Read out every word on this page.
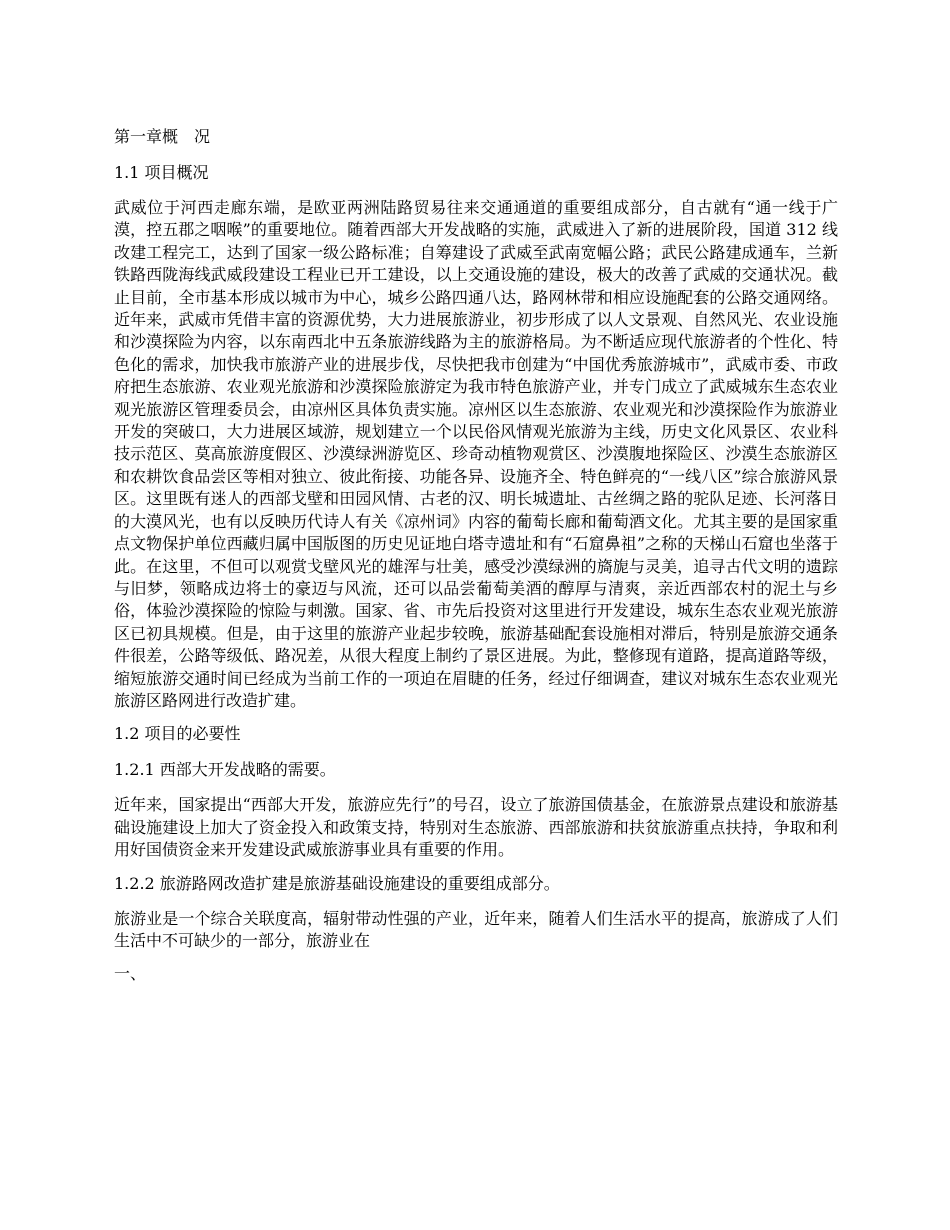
第一章概　况
1.1 项目概况
武威位于河西走廊东端，是欧亚两洲陆路贸易往来交通通道的重要组成部分，自古就有“通一线于广漠，控五郡之咽喉”的重要地位。随着西部大开发战略的实施，武威进入了新的进展阶段，国道 312 线改建工程完工，达到了国家一级公路标准；自筹建设了武威至武南宽幅公路；武民公路建成通车，兰新铁路西陇海线武威段建设工程业已开工建设，以上交通设施的建设，极大的改善了武威的交通状况。截止目前，全市基本形成以城市为中心，城乡公路四通八达，路网林带和相应设施配套的公路交通网络。近年来，武威市凭借丰富的资源优势，大力进展旅游业，初步形成了以人文景观、自然风光、农业设施和沙漠探险为内容，以东南西北中五条旅游线路为主的旅游格局。为不断适应现代旅游者的个性化、特色化的需求，加快我市旅游产业的进展步伐，尽快把我市创建为“中国优秀旅游城市”，武威市委、市政府把生态旅游、农业观光旅游和沙漠探险旅游定为我市特色旅游产业，并专门成立了武威城东生态农业观光旅游区管理委员会，由凉州区具体负责实施。凉州区以生态旅游、农业观光和沙漠探险作为旅游业开发的突破口，大力进展区域游，规划建立一个以民俗风情观光旅游为主线，历史文化风景区、农业科技示范区、莫高旅游度假区、沙漠绿洲游览区、珍奇动植物观赏区、沙漠腹地探险区、沙漠生态旅游区和农耕饮食品尝区等相对独立、彼此衔接、功能各异、设施齐全、特色鲜亮的“一线八区”综合旅游风景区。这里既有迷人的西部戈壁和田园风情、古老的汉、明长城遗址、古丝绸之路的驼队足迹、长河落日的大漠风光，也有以反映历代诗人有关《凉州词》内容的葡萄长廊和葡萄酒文化。尤其主要的是国家重点文物保护单位西藏归属中国版图的历史见证地白塔寺遗址和有“石窟鼻祖”之称的天梯山石窟也坐落于此。在这里，不但可以观赏戈壁风光的雄浑与壮美，感受沙漠绿洲的旖旎与灵美，追寻古代文明的遗踪与旧梦，领略成边将士的豪迈与风流，还可以品尝葡萄美酒的醇厚与清爽，亲近西部农村的泥土与乡俗，体验沙漠探险的惊险与刺激。国家、省、市先后投资对这里进行开发建设，城东生态农业观光旅游区已初具规模。但是，由于这里的旅游产业起步较晚，旅游基础配套设施相对滞后，特别是旅游交通条件很差，公路等级低、路况差，从很大程度上制约了景区进展。为此，整修现有道路，提高道路等级，缩短旅游交通时间已经成为当前工作的一项迫在眉睫的任务，经过仔细调查，建议对城东生态农业观光旅游区路网进行改造扩建。
1.2 项目的必要性
1.2.1 西部大开发战略的需要。
近年来，国家提出“西部大开发，旅游应先行”的号召，设立了旅游国债基金，在旅游景点建设和旅游基础设施建设上加大了资金投入和政策支持，特别对生态旅游、西部旅游和扶贫旅游重点扶持，争取和利用好国债资金来开发建设武威旅游事业具有重要的作用。
1.2.2 旅游路网改造扩建是旅游基础设施建设的重要组成部分。
旅游业是一个综合关联度高，辐射带动性强的产业，近年来，随着人们生活水平的提高，旅游成了人们生活中不可缺少的一部分，旅游业在
一、
